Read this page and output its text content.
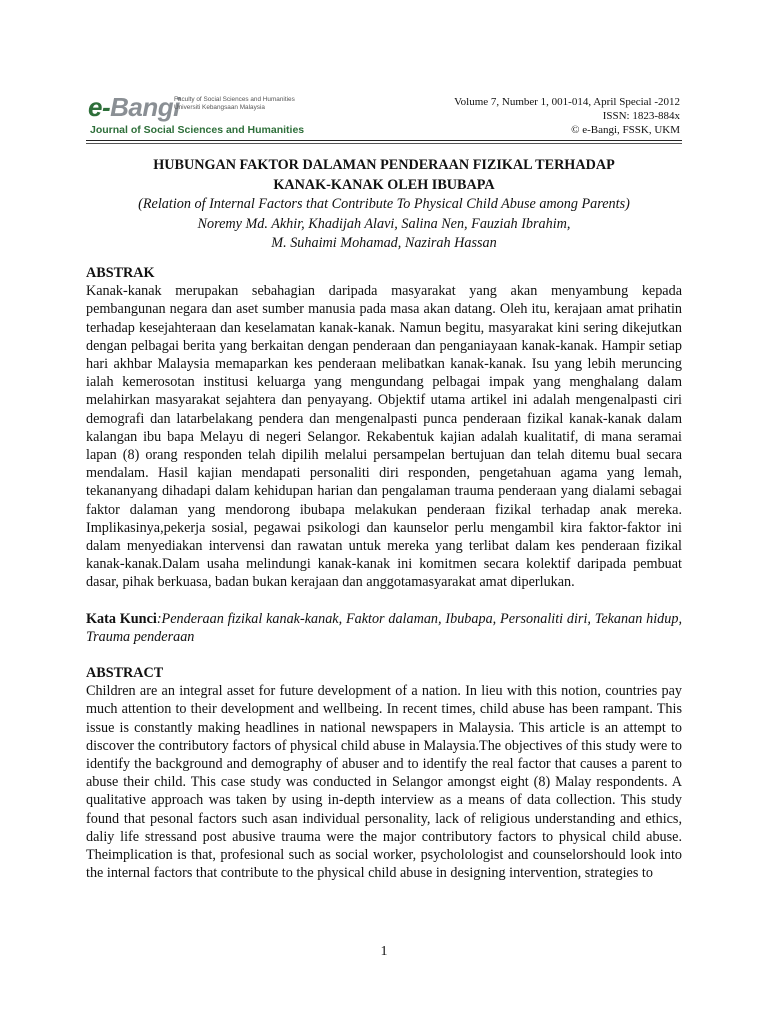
e-Bangi
Faculty of Social Sciences and Humanities
Universiti Kebangsaan Malaysia
Journal of Social Sciences and Humanities
Volume 7, Number 1, 001-014, April Special -2012
ISSN: 1823-884x
© e-Bangi, FSSK, UKM
HUBUNGAN FAKTOR DALAMAN PENDERAAN FIZIKAL TERHADAP
KANAK-KANAK OLEH IBUBAPA
(Relation of Internal Factors that Contribute To Physical Child Abuse among Parents)
Noremy Md. Akhir, Khadijah Alavi, Salina Nen, Fauziah Ibrahim,
M. Suhaimi Mohamad, Nazirah Hassan
ABSTRAK

Kanak-kanak merupakan sebahagian daripada masyarakat yang akan menyambung kepada pembangunan negara dan aset sumber manusia pada masa akan datang. Oleh itu, kerajaan amat prihatin terhadap kesejahteraan dan keselamatan kanak-kanak. Namun begitu, masyarakat kini sering dikejutkan dengan pelbagai berita yang berkaitan dengan penderaan dan penganiayaan kanak-kanak. Hampir setiap hari akhbar Malaysia memaparkan kes penderaan melibatkan kanak-kanak. Isu yang lebih meruncing ialah kemerosotan institusi keluarga yang mengundang pelbagai impak yang menghalang dalam melahirkan masyarakat sejahtera dan penyayang. Objektif utama artikel ini adalah mengenalpasti ciri demografi dan latarbelakang pendera dan mengenalpasti punca penderaan fizikal kanak-kanak dalam kalangan ibu bapa Melayu di negeri Selangor. Rekabentuk kajian adalah kualitatif, di mana seramai lapan (8) orang responden telah dipilih melalui persampelan bertujuan dan telah ditemu bual secara mendalam. Hasil kajian mendapati personaliti diri responden, pengetahuan agama yang lemah, tekananyang dihadapi dalam kehidupan harian dan pengalaman trauma penderaan yang dialami sebagai faktor dalaman yang mendorong ibubapa melakukan penderaan fizikal terhadap anak mereka. Implikasinya,pekerja sosial, pegawai psikologi dan kaunselor perlu mengambil kira faktor-faktor ini dalam menyediakan intervensi dan rawatan untuk mereka yang terlibat dalam kes penderaan fizikal kanak-kanak.Dalam usaha melindungi kanak-kanak ini komitmen secara kolektif daripada pembuat dasar, pihak berkuasa, badan bukan kerajaan dan anggotamasyarakat amat diperlukan.

Kata Kunci:Penderaan fizikal kanak-kanak, Faktor dalaman, Ibubapa, Personaliti diri, Tekanan hidup, Trauma penderaan

ABSTRACT

Children are an integral asset for future development of a nation. In lieu with this notion, countries pay much attention to their development and wellbeing. In recent times, child abuse has been rampant. This issue is constantly making headlines in national newspapers in Malaysia. This article is an attempt to discover the contributory factors of physical child abuse in Malaysia.The objectives of this study were to identify the background and demography of abuser and to identify the real factor that causes a parent to abuse their child. This case study was conducted in Selangor amongst eight (8) Malay respondents. A qualitative approach was taken by using in-depth interview as a means of data collection. This study found that pesonal factors such asan individual personality, lack of religious understanding and ethics, daliy life stressand post abusive trauma were the major contributory factors to physical child abuse. Theimplication is that, profesional such as social worker, psycholologist and counselorshould look into the internal factors that contribute to the physical child abuse in designing intervention, strategies to

1
